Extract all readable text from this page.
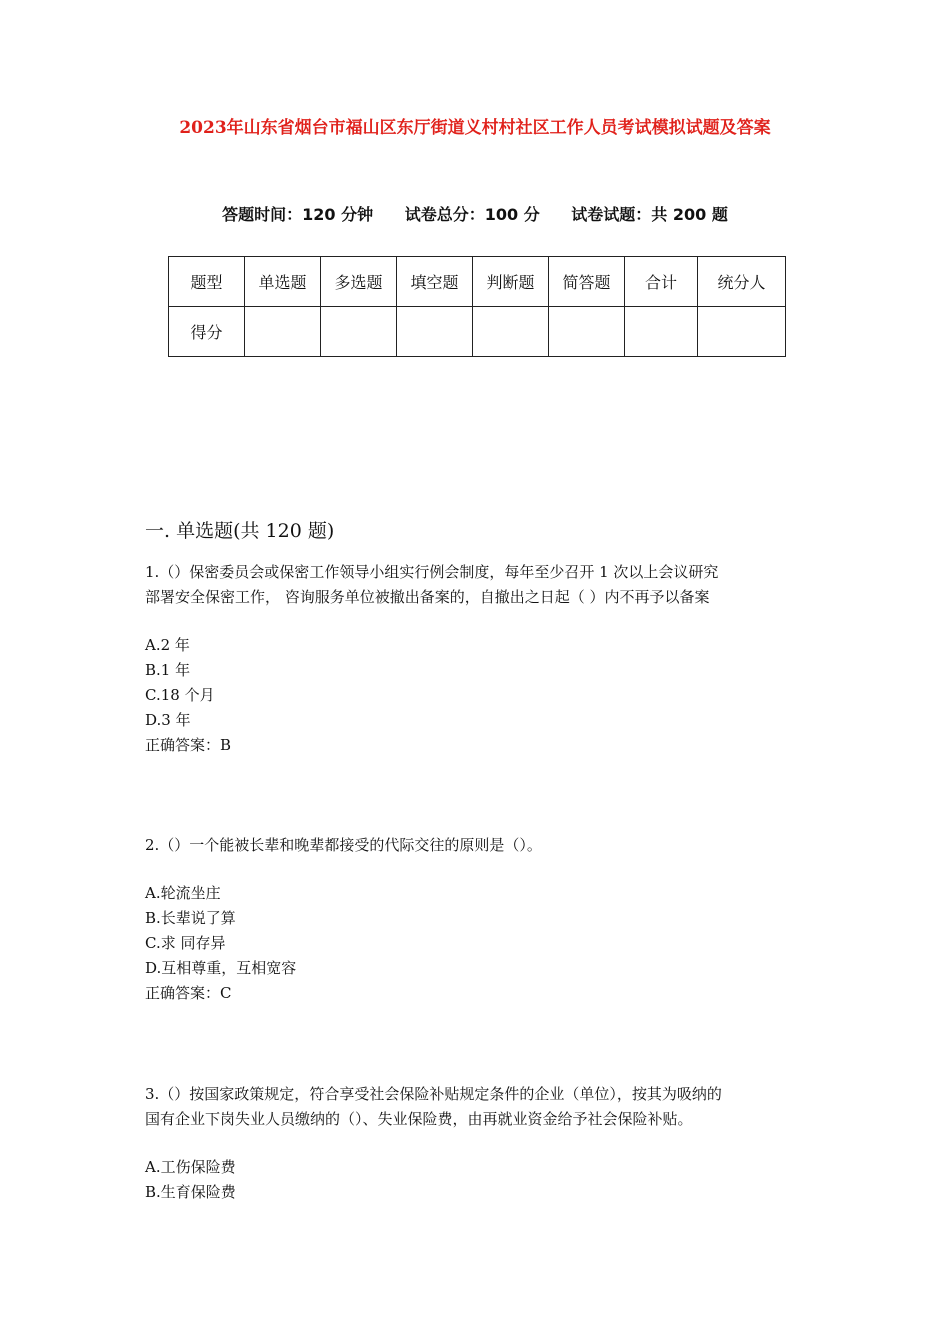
2023年山东省烟台市福山区东厅街道义村村社区工作人员考试模拟试题及答案
答题时间：120 分钟 试卷总分：100 分 试卷试题：共 200 题
题型	单选题	多选题	填空题	判断题	简答题	合计	统分人
得分							
一. 单选题(共 120 题)

1.（）保密委员会或保密工作领导小组实行例会制度，每年至少召开 1 次以上会议研究

部署安全保密工作， 咨询服务单位被撤出备案的，自撤出之日起（ ）内不再予以备案

A.2 年

B.1 年

C.18 个月

D.3 年

正确答案：B

2.（）一个能被长辈和晚辈都接受的代际交往的原则是（）。

A.轮流坐庄

B.长辈说了算

C.求 同存异

D.互相尊重，互相宽容

正确答案：C

3.（）按国家政策规定，符合享受社会保险补贴规定条件的企业（单位），按其为吸纳的

国有企业下岗失业人员缴纳的（）、失业保险费，由再就业资金给予社会保险补贴。

A.工伤保险费

B.生育保险费
